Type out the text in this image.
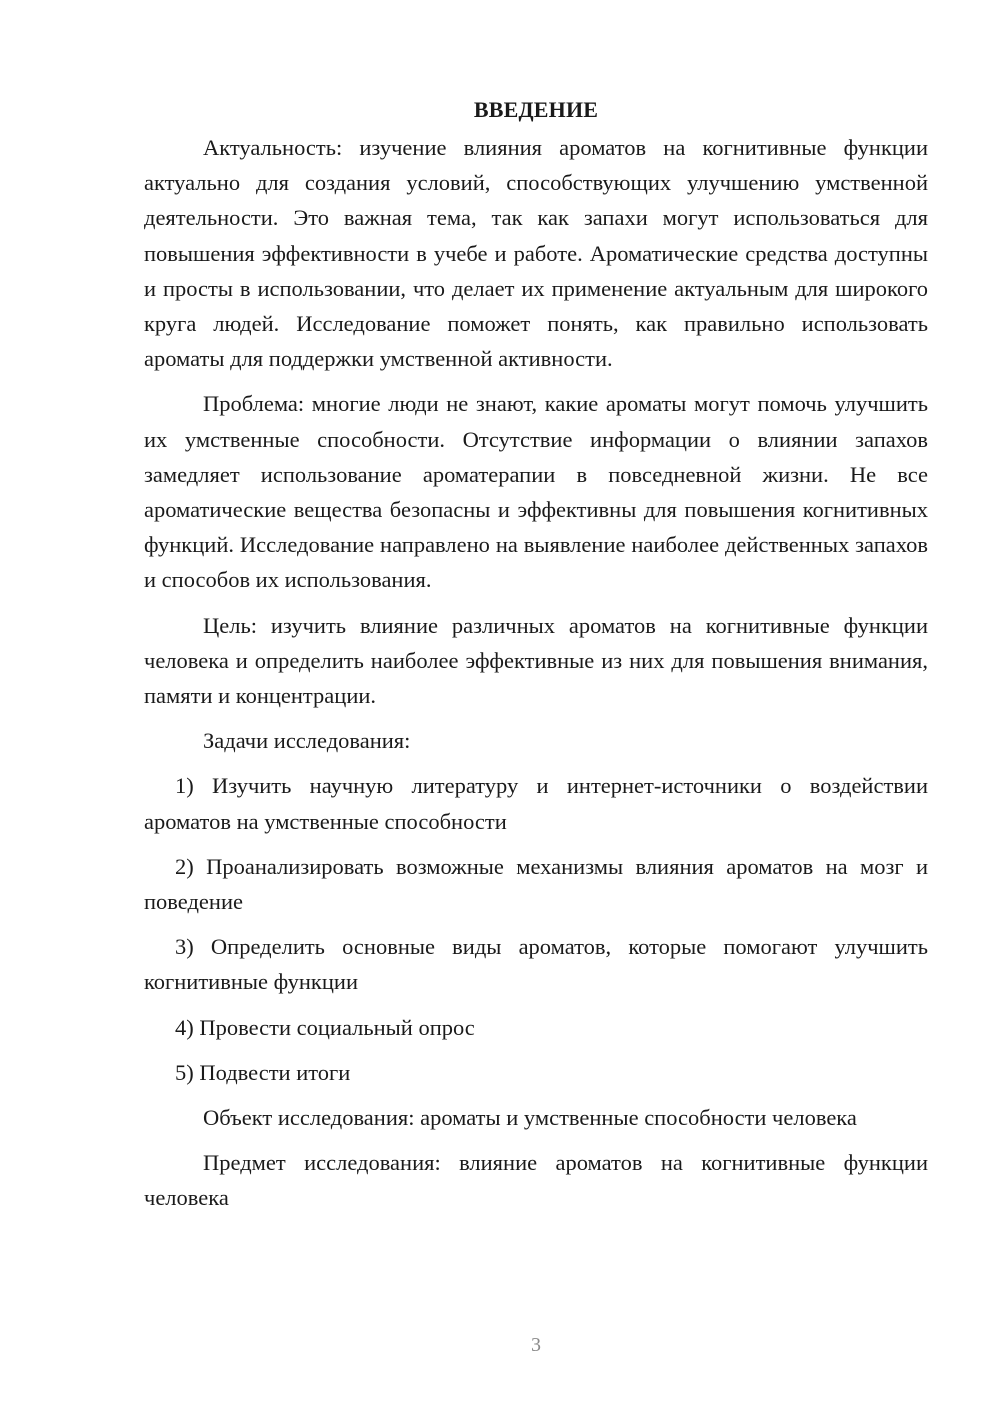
ВВЕДЕНИЕ

Актуальность: изучение влияния ароматов на когнитивные функции актуально для создания условий, способствующих улучшению умственной деятельности. Это важная тема, так как запахи могут использоваться для повышения эффективности в учебе и работе. Ароматические средства доступны и просты в использовании, что делает их применение актуальным для широкого круга людей. Исследование поможет понять, как правильно использовать ароматы для поддержки умственной активности.

Проблема: многие люди не знают, какие ароматы могут помочь улучшить их умственные способности. Отсутствие информации о влиянии запахов замедляет использование ароматерапии в повседневной жизни. Не все ароматические вещества безопасны и эффективны для повышения когнитивных функций. Исследование направлено на выявление наиболее действенных запахов и способов их использования.

Цель: изучить влияние различных ароматов на когнитивные функции человека и определить наиболее эффективные из них для повышения внимания, памяти и концентрации.

Задачи исследования:

1) Изучить научную литературу и интернет-источники о воздействии ароматов на умственные способности

2) Проанализировать возможные механизмы влияния ароматов на мозг и поведение

3) Определить основные виды ароматов, которые помогают улучшить когнитивные функции

4) Провести социальный опрос

5) Подвести итоги

Объект исследования: ароматы и умственные способности человека

Предмет исследования: влияние ароматов на когнитивные функции человека

3
